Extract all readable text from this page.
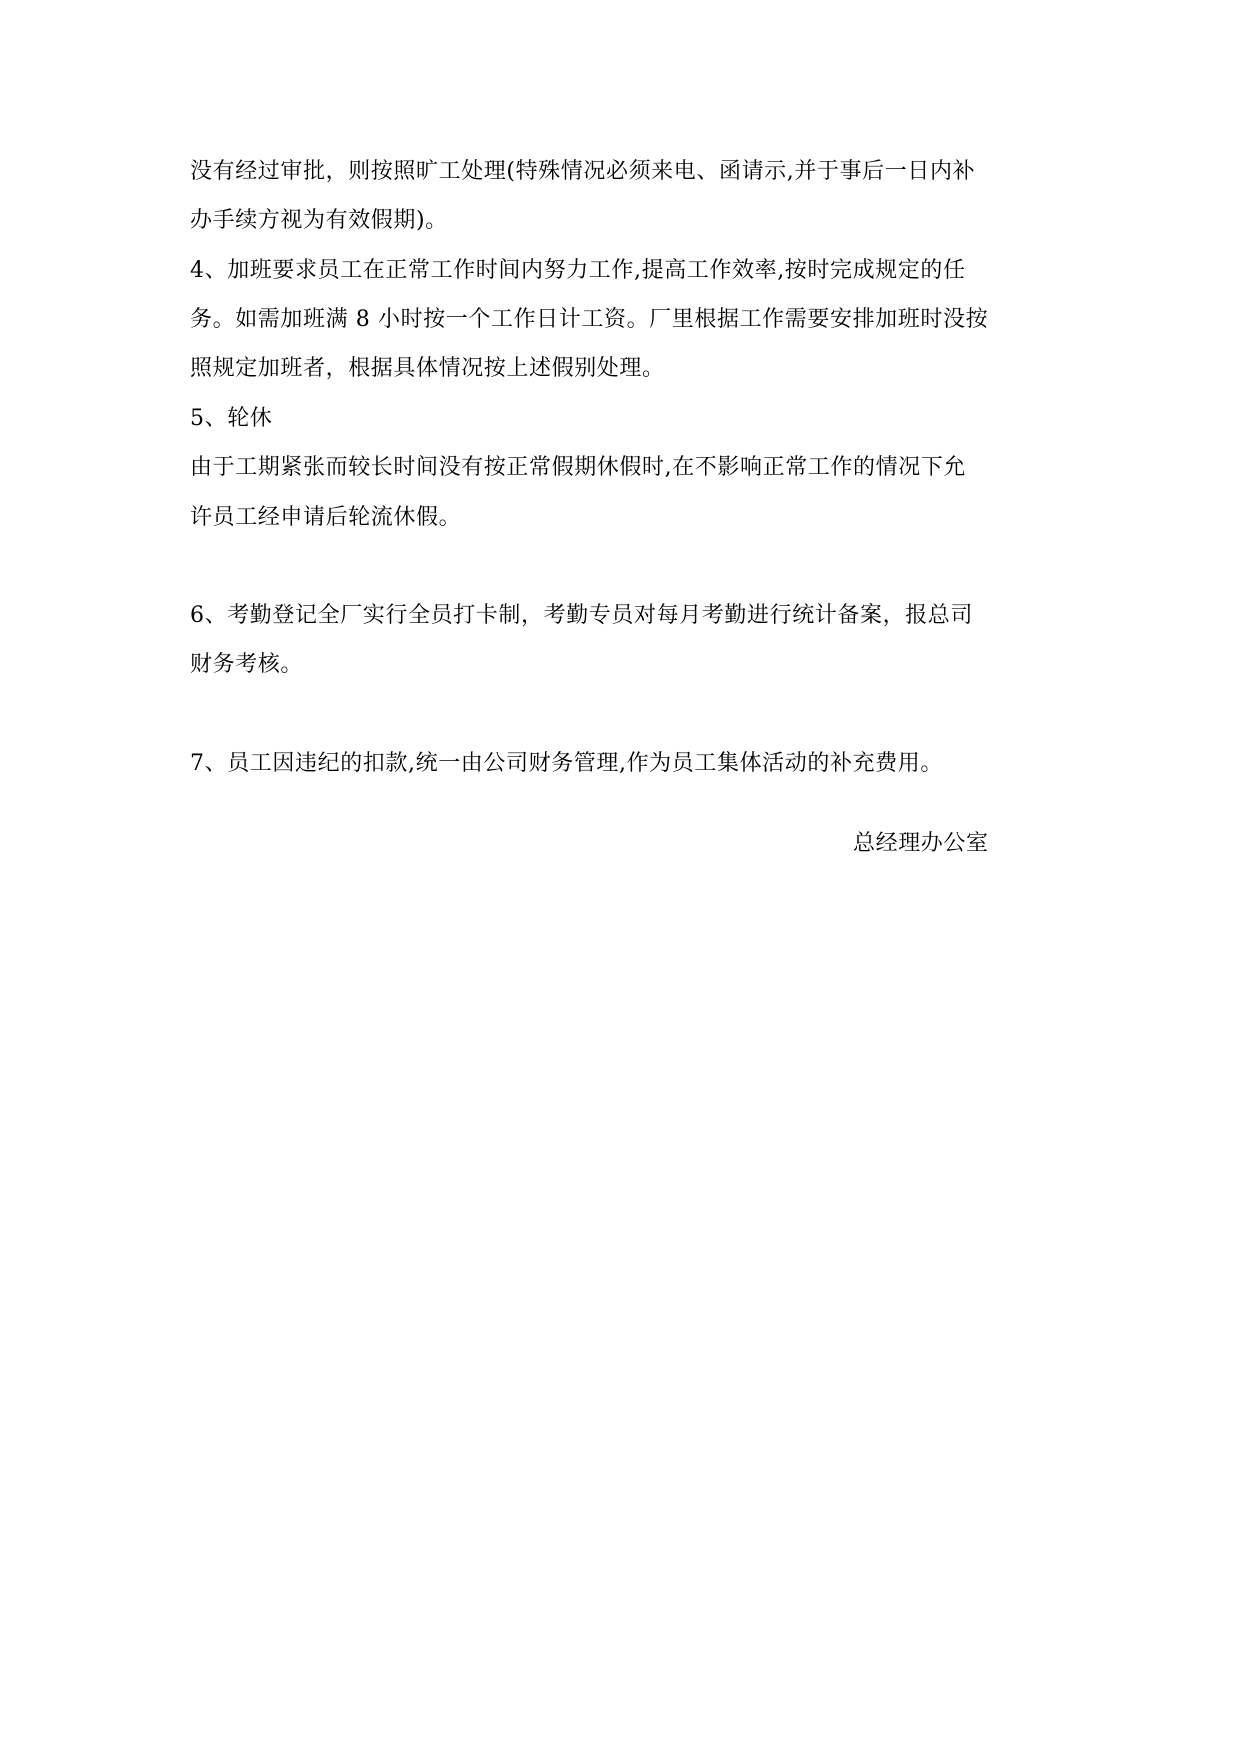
没有经过审批，则按照旷工处理(特殊情况必须来电、函请示,并于事后一日内补
办手续方视为有效假期)。
4、加班要求员工在正常工作时间内努力工作,提高工作效率,按时完成规定的任
务。如需加班满 8 小时按一个工作日计工资。厂里根据工作需要安排加班时没按
照规定加班者，根据具体情况按上述假别处理。
5、轮休
由于工期紧张而较长时间没有按正常假期休假时,在不影响正常工作的情况下允
许员工经申请后轮流休假。
6、考勤登记全厂实行全员打卡制，考勤专员对每月考勤进行统计备案，报总司
财务考核。
7、员工因违纪的扣款,统一由公司财务管理,作为员工集体活动的补充费用。
总经理办公室
